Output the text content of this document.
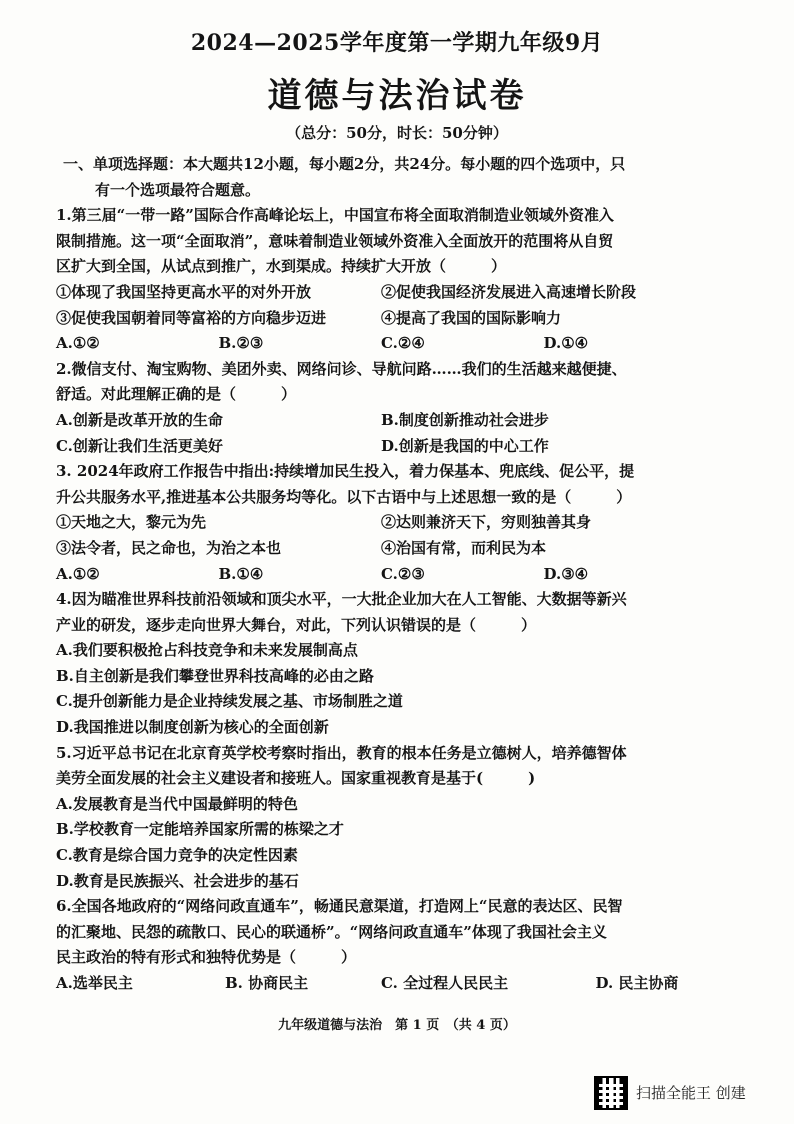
2024—2025学年度第一学期九年级9月
道德与法治试卷
（总分：50分，时长：50分钟）
一、单项选择题：本大题共12小题，每小题2分，共24分。每小题的四个选项中，只
有一个选项最符合题意。
1.第三届“一带一路”国际合作高峰论坛上，中国宣布将全面取消制造业领域外资准入
限制措施。这一项“全面取消”，意味着制造业领域外资准入全面放开的范围将从自贸
区扩大到全国，从试点到推广，水到渠成。持续扩大开放（　　　）
①体现了我国坚持更高水平的对外开放	②促使我国经济发展进入高速增长阶段
③促使我国朝着同等富裕的方向稳步迈进	④提高了我国的国际影响力
A.①②	B.②③	C.②④	D.①④
2.微信支付、淘宝购物、美团外卖、网络问诊、导航问路……我们的生活越来越便捷、
舒适。对此理解正确的是（　　　）
A.创新是改革开放的生命	B.制度创新推动社会进步
C.创新让我们生活更美好	D.创新是我国的中心工作
3. 2024年政府工作报告中指出:持续增加民生投入，着力保基本、兜底线、促公平，提
升公共服务水平,推进基本公共服务均等化。以下古语中与上述思想一致的是（　　　）
①天地之大，黎元为先	②达则兼济天下，穷则独善其身
③法令者，民之命也，为治之本也	④治国有常，而利民为本
A.①②	B.①④	C.②③	D.③④
4.因为瞄准世界科技前沿领域和顶尖水平，一大批企业加大在人工智能、大数据等新兴
产业的研发，逐步走向世界大舞台，对此，下列认识错误的是（　　　）
A.我们要积极抢占科技竞争和未来发展制高点
B.自主创新是我们攀登世界科技高峰的必由之路
C.提升创新能力是企业持续发展之基、市场制胜之道
D.我国推进以制度创新为核心的全面创新
5.习近平总书记在北京育英学校考察时指出，教育的根本任务是立德树人，培养德智体
美劳全面发展的社会主义建设者和接班人。国家重视教育是基于(　　　)
A.发展教育是当代中国最鲜明的特色
B.学校教育一定能培养国家所需的栋梁之才
C.教育是综合国力竞争的决定性因素
D.教育是民族振兴、社会进步的基石
6.全国各地政府的“网络问政直通车”，畅通民意渠道，打造网上“民意的表达区、民智
的汇聚地、民怨的疏散口、民心的联通桥”。“网络问政直通车”体现了我国社会主义
民主政治的特有形式和独特优势是（　　　）
A.选举民主	B. 协商民主	C. 全过程人民民主	D. 民主协商
九年级道德与法治　第 1 页　（共 4 页）
扫描全能王 创建
